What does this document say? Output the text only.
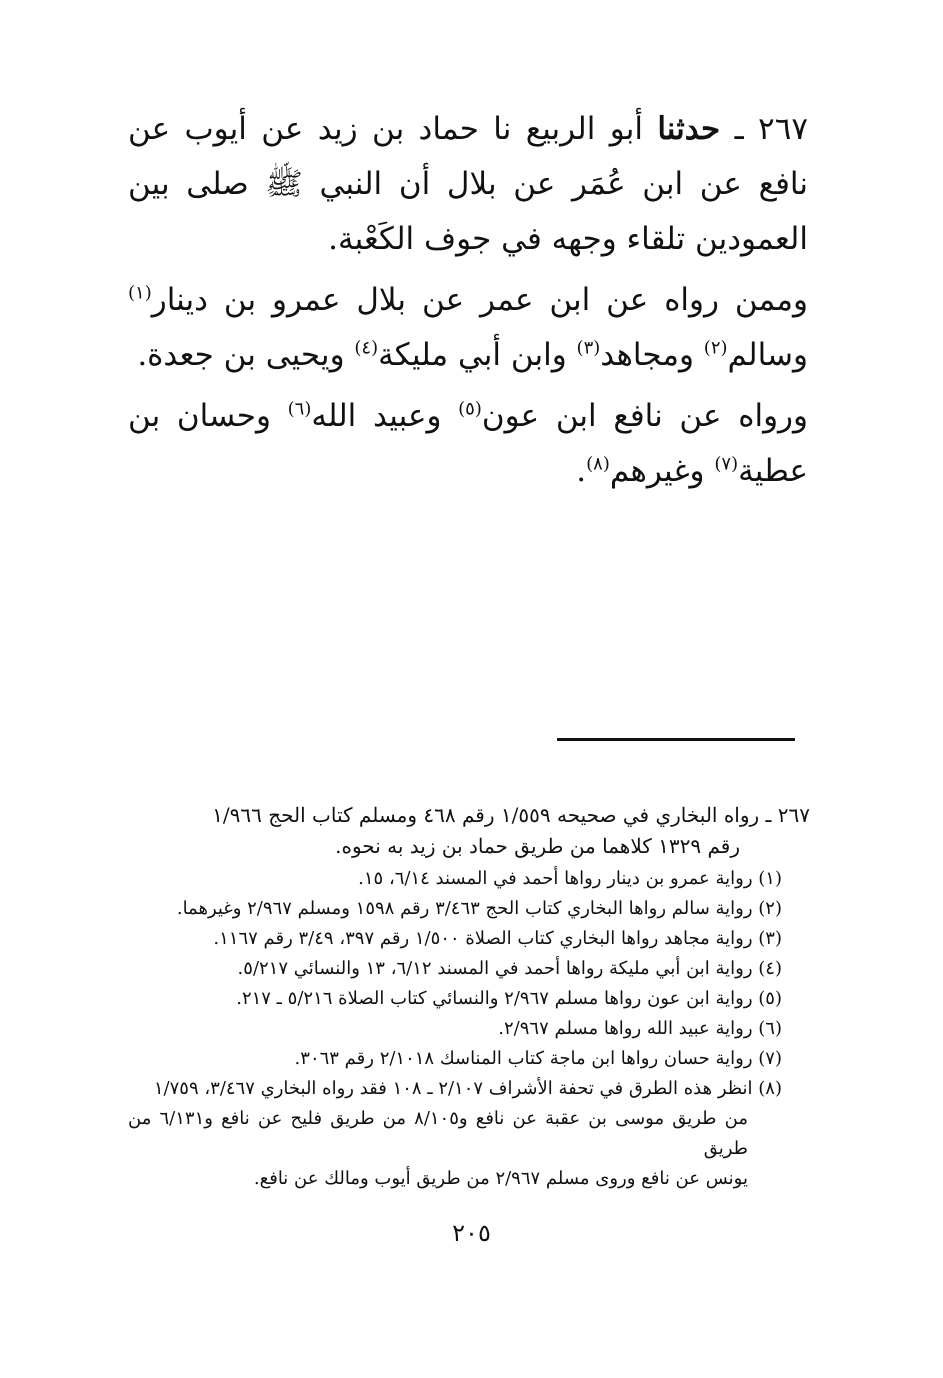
٢٦٧ ـ حدثنا أبو الربيع نا حماد بن زيد عن أيوب عن نافع عن ابن عُمَر عن بلال أن النبي ﷺ صلى بين العمودين تلقاء وجهه في جوف الكَعْبة.

وممن رواه عن ابن عمر عن بلال عمرو بن دينار$^{(١)}$ وسالم$^{(٢)}$ ومجاهد$^{(٣)}$ وابن أبي مليكة$^{(٤)}$ ويحيى بن جعدة.

ورواه عن نافع ابن عون$^{(٥)}$ وعبيد الله$^{(٦)}$ وحسان بن عطية$^{(٧)}$ وغيرهم$^{(٨)}$.

٢٦٧ ـ رواه البخاري في صحيحه ١/٥٥٩ رقم ٤٦٨ ومسلم كتاب الحج ١/٩٦٦
رقم ١٣٢٩ كلاهما من طريق حماد بن زيد به نحوه.

(١) رواية عمرو بن دينار رواها أحمد في المسند ٦/١٤، ١٥.

(٢) رواية سالم رواها البخاري كتاب الحج ٣/٤٦٣ رقم ١٥٩٨ ومسلم ٢/٩٦٧ وغيرهما.

(٣) رواية مجاهد رواها البخاري كتاب الصلاة ١/٥٠٠ رقم ٣٩٧، ٣/٤٩ رقم ١١٦٧.

(٤) رواية ابن أبي مليكة رواها أحمد في المسند ٦/١٢، ١٣ والنسائي ٥/٢١٧.

(٥) رواية ابن عون رواها مسلم ٢/٩٦٧ والنسائي كتاب الصلاة ٥/٢١٦ ـ ٢١٧.

(٦) رواية عبيد الله رواها مسلم ٢/٩٦٧.

(٧) رواية حسان رواها ابن ماجة كتاب المناسك ٢/١٠١٨ رقم ٣٠٦٣.

(٨) انظر هذه الطرق في تحفة الأشراف ٢/١٠٧ ـ ١٠٨ فقد رواه البخاري ٣/٤٦٧، ١/٧٥٩
من طريق موسى بن عقبة عن نافع و٨/١٠٥ من طريق فليح عن نافع و٦/١٣١ من طريق
يونس عن نافع وروى مسلم ٢/٩٦٧ من طريق أيوب ومالك عن نافع.

٢٠٥
